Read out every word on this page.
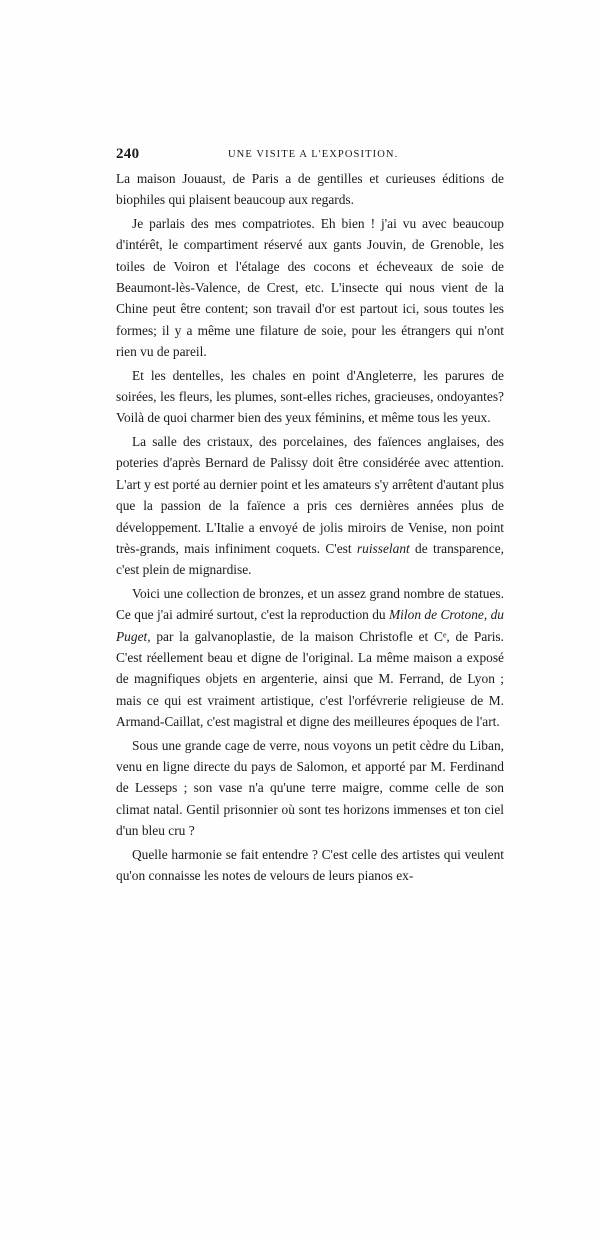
240	UNE VISITE A L'EXPOSITION.

La maison Jouaust, de Paris a de gentilles et curieuses éditions de biophiles qui plaisent beaucoup aux regards.

Je parlais des mes compatriotes. Eh bien ! j'ai vu avec beaucoup d'intérêt, le compartiment réservé aux gants Jouvin, de Grenoble, les toiles de Voiron et l'étalage des cocons et écheveaux de soie de Beaumont-lès-Valence, de Crest, etc. L'insecte qui nous vient de la Chine peut être content; son travail d'or est partout ici, sous toutes les formes; il y a même une filature de soie, pour les étrangers qui n'ont rien vu de pareil.

Et les dentelles, les chales en point d'Angleterre, les parures de soirées, les fleurs, les plumes, sont-elles riches, gracieuses, ondoyantes? Voilà de quoi charmer bien des yeux féminins, et même tous les yeux.

La salle des cristaux, des porcelaines, des faïences anglaises, des poteries d'après Bernard de Palissy doit être considérée avec attention. L'art y est porté au dernier point et les amateurs s'y arrêtent d'autant plus que la passion de la faïence a pris ces dernières années plus de développement. L'Italie a envoyé de jolis miroirs de Venise, non point très-grands, mais infiniment coquets. C'est ruisselant de transparence, c'est plein de mignardise.

Voici une collection de bronzes, et un assez grand nombre de statues. Ce que j'ai admiré surtout, c'est la reproduction du Milon de Crotone, du Puget, par la galvanoplastie, de la maison Christofle et Cᵉ, de Paris. C'est réellement beau et digne de l'original. La même maison a exposé de magnifiques objets en argenterie, ainsi que M. Ferrand, de Lyon ; mais ce qui est vraiment artistique, c'est l'orfévrerie religieuse de M. Armand-Caillat, c'est magistral et digne des meilleures époques de l'art.

Sous une grande cage de verre, nous voyons un petit cèdre du Liban, venu en ligne directe du pays de Salomon, et apporté par M. Ferdinand de Lesseps ; son vase n'a qu'une terre maigre, comme celle de son climat natal. Gentil prisonnier où sont tes horizons immenses et ton ciel d'un bleu cru ?

Quelle harmonie se fait entendre ? C'est celle des artistes qui veulent qu'on connaisse les notes de velours de leurs pianos ex-
